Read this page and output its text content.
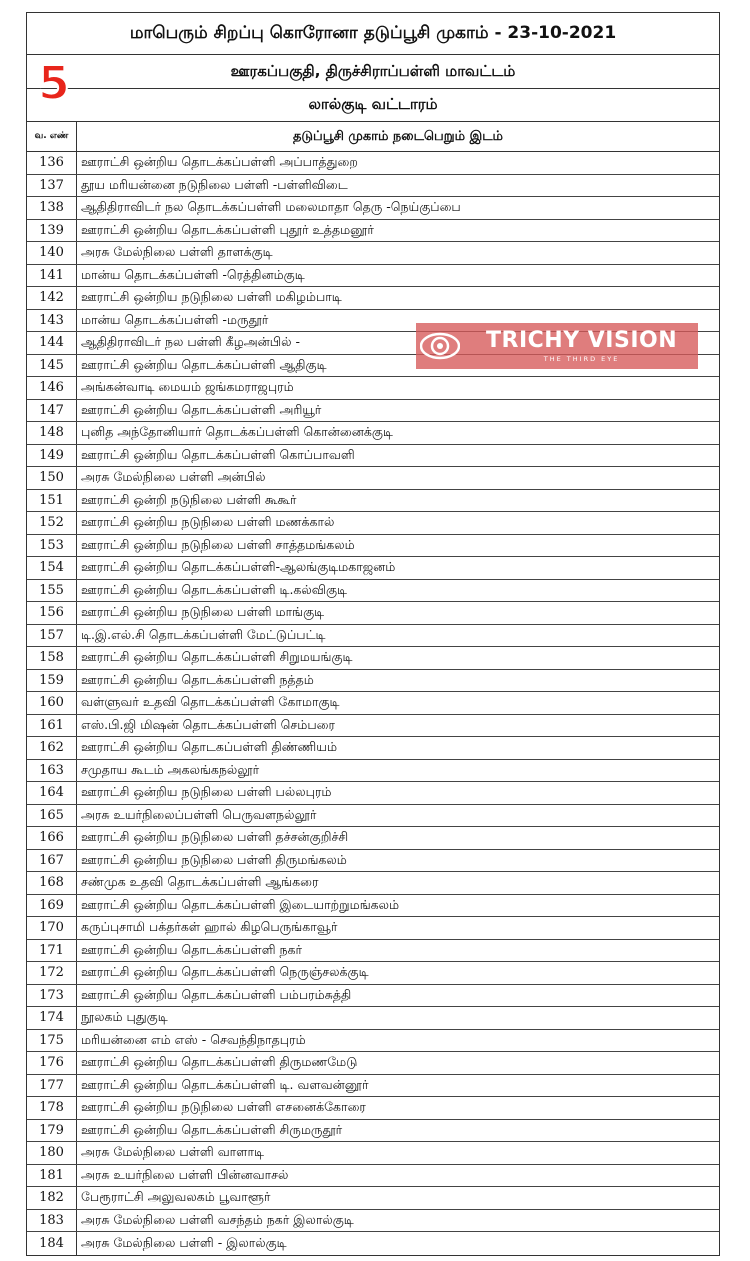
மாபெரும் சிறப்பு கொரோனா தடுப்பூசி முகாம் - 23-10-2021
ஊரகப்பகுதி, திருச்சிராப்பள்ளி மாவட்டம்
லால்குடி வட்டாரம்
வ. எண்	தடுப்பூசி முகாம் நடைபெறும் இடம்
136	ஊராட்சி ஒன்றிய தொடக்கப்பள்ளி அப்பாத்துறை
137	தூய மரியன்னை நடுநிலை பள்ளி -பள்ளிவிடை
138	ஆதிதிராவிடர் நல தொடக்கப்பள்ளி மலைமாதா தெரு -நெய்குப்பை
139	ஊராட்சி ஒன்றிய தொடக்கப்பள்ளி புதூர் உத்தமனூர்
140	அரசு மேல்நிலை பள்ளி தாளக்குடி
141	மான்ய தொடக்கப்பள்ளி -ரெத்தினம்குடி
142	ஊராட்சி ஒன்றிய நடுநிலை பள்ளி மகிழம்பாடி
143	மான்ய தொடக்கப்பள்ளி -மருதூர்
144	ஆதிதிராவிடர் நல பள்ளி கீழஅன்பில் -
145	ஊராட்சி ஒன்றிய தொடக்கப்பள்ளி ஆதிகுடி
146	அங்கன்வாடி மையம் ஜங்கமராஜபுரம்
147	ஊராட்சி ஒன்றிய தொடக்கப்பள்ளி அரியூர்
148	புனித அந்தோனியார் தொடக்கப்பள்ளி கொன்னைக்குடி
149	ஊராட்சி ஒன்றிய தொடக்கப்பள்ளி கொப்பாவளி
150	அரசு மேல்நிலை பள்ளி அன்பில்
151	ஊராட்சி ஒன்றி நடுநிலை பள்ளி கூகூர்
152	ஊராட்சி ஒன்றிய நடுநிலை பள்ளி மணக்கால்
153	ஊராட்சி ஒன்றிய நடுநிலை பள்ளி சாத்தமங்கலம்
154	ஊராட்சி ஒன்றிய தொடக்கப்பள்ளி-ஆலங்குடிமகாஜனம்
155	ஊராட்சி ஒன்றிய தொடக்கப்பள்ளி டி.கல்விகுடி
156	ஊராட்சி ஒன்றிய நடுநிலை பள்ளி மாங்குடி
157	டி.இ.எல்.சி தொடக்கப்பள்ளி மேட்டுப்பட்டி
158	ஊராட்சி ஒன்றிய தொடக்கப்பள்ளி சிறுமயங்குடி
159	ஊராட்சி ஒன்றிய தொடக்கப்பள்ளி நத்தம்
160	வள்ளுவர் உதவி தொடக்கப்பள்ளி கோமாகுடி
161	எஸ்.பி.ஜி மிஷன் தொடக்கப்பள்ளி செம்பரை
162	ஊராட்சி ஒன்றிய தொடகப்பள்ளி திண்ணியம்
163	சமுதாய கூடம் அகலங்கநல்லூர்
164	ஊராட்சி ஒன்றிய நடுநிலை பள்ளி பல்லபுரம்
165	அரசு உயர்நிலைப்பள்ளி பெருவளநல்லூர்
166	ஊராட்சி ஒன்றிய நடுநிலை பள்ளி தச்சன்குறிச்சி
167	ஊராட்சி ஒன்றிய நடுநிலை பள்ளி திருமங்கலம்
168	சண்முக உதவி தொடக்கப்பள்ளி ஆங்கரை
169	ஊராட்சி ஒன்றிய தொடக்கப்பள்ளி இடையாற்றுமங்கலம்
170	கருப்புசாமி பக்தர்கள் ஹால் கிழபெருங்காவூர்
171	ஊராட்சி ஒன்றிய தொடக்கப்பள்ளி நகர்
172	ஊராட்சி ஒன்றிய தொடக்கப்பள்ளி நெருஞ்சலக்குடி
173	ஊராட்சி ஒன்றிய தொடக்கப்பள்ளி பம்பரம்சுத்தி
174	நூலகம் புதுகுடி
175	மரியன்னை எம் எஸ் - செவந்திநாதபுரம்
176	ஊராட்சி ஒன்றிய தொடக்கப்பள்ளி திருமணமேடு
177	ஊராட்சி ஒன்றிய தொடக்கப்பள்ளி டி. வளவன்னூர்
178	ஊராட்சி ஒன்றிய நடுநிலை பள்ளி எசனைக்கோரை
179	ஊராட்சி ஒன்றிய தொடக்கப்பள்ளி சிருமருதூர்
180	அரசு மேல்நிலை பள்ளி வாளாடி
181	அரசு உயர்நிலை பள்ளி பின்னவாசல்
182	பேரூராட்சி அலுவலகம் பூவாளூர்
183	அரசு மேல்நிலை பள்ளி வசந்தம் நகர் இலால்குடி
184	அரசு மேல்நிலை பள்ளி - இலால்குடி
5
TRICHY VISION
THE THIRD EYE
